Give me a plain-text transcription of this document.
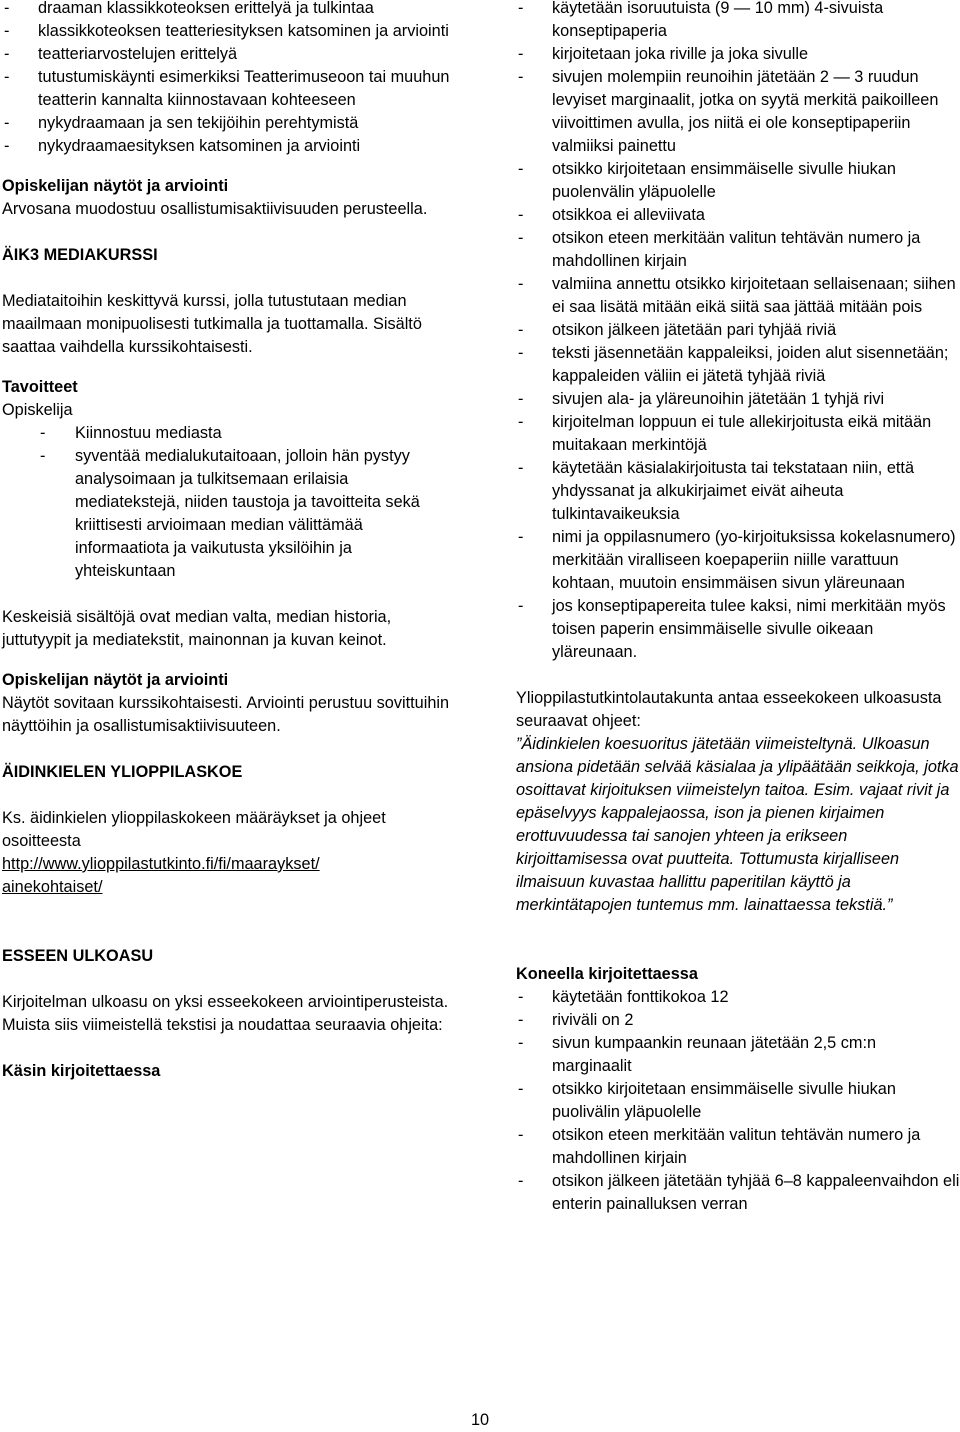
- draaman klassikkoteoksen erittelyä ja tulkintaa
- klassikkoteoksen teatteriesityksen katsominen ja arviointi
- teatteriarvostelujen erittelyä
- tutustumiskäynti esimerkiksi Teatterimuseoon tai muuhun teatterin kannalta kiinnostavaan kohteeseen
- nykydraamaan ja sen tekijöihin perehtymistä
- nykydraamaesityksen katsominen ja arviointi

Opiskelijan näytöt ja arviointi

Arvosana muodostuu osallistumisaktiivisuuden perusteella.

ÄIK3 MEDIAKURSSI

Mediataitoihin keskittyvä kurssi, jolla tutustutaan median maailmaan monipuolisesti tutkimalla ja tuottamalla. Sisältö saattaa vaihdella kurssikohtaisesti.

Tavoitteet

Opiskelija

- Kiinnostuu mediasta
- syventää medialukutaitoaan, jolloin hän pystyy analysoimaan ja tulkitsemaan erilaisia mediatekstejä, niiden taustoja ja tavoitteita sekä kriittisesti arvioimaan median välittämää informaatiota ja vaikutusta yksilöihin ja yhteiskuntaan

Keskeisiä sisältöjä ovat median valta, median historia, juttutyypit ja mediatekstit, mainonnan ja kuvan keinot.

Opiskelijan näytöt ja arviointi

Näytöt sovitaan kurssikohtaisesti. Arviointi perustuu sovittuihin näyttöihin ja osallistumisaktiivisuuteen.

ÄIDINKIELEN YLIOPPILASKOE

Ks. äidinkielen ylioppilaskokeen määräykset ja ohjeet osoitteesta

http://www.ylioppilastutkinto.fi/fi/maaraykset/

ainekohtaiset/

ESSEEN ULKOASU

Kirjoitelman ulkoasu on yksi esseekokeen arviointiperusteista. Muista siis viimeistellä tekstisi ja noudattaa seuraavia ohjeita:

Käsin kirjoitettaessa

- käytetään isoruutuista (9 — 10 mm) 4-sivuista konseptipaperia
- kirjoitetaan joka riville ja joka sivulle
- sivujen molempiin reunoihin jätetään 2 — 3 ruudun levyiset marginaalit, jotka on syytä merkitä paikoilleen viivoittimen avulla, jos niitä ei ole konseptipaperiin valmiiksi painettu
- otsikko kirjoitetaan ensimmäiselle sivulle hiukan puolenvälin yläpuolelle
- otsikkoa ei alleviivata
- otsikon eteen merkitään valitun tehtävän numero ja mahdollinen kirjain
- valmiina annettu otsikko kirjoitetaan sellaisenaan; siihen ei saa lisätä mitään eikä siitä saa jättää mitään pois
- otsikon jälkeen jätetään pari tyhjää riviä
- teksti jäsennetään kappaleiksi, joiden alut sisennetään; kappaleiden väliin ei jätetä tyhjää riviä
- sivujen ala- ja yläreunoihin jätetään 1 tyhjä rivi
- kirjoitelman loppuun ei tule allekirjoitusta eikä mitään muitakaan merkintöjä
- käytetään käsialakirjoitusta tai tekstataan niin, että yhdyssanat ja alkukirjaimet eivät aiheuta tulkintavaikeuksia
- nimi ja oppilasnumero (yo-kirjoituksissa kokelasnumero) merkitään viralliseen koepaperiin niille varattuun kohtaan, muutoin ensimmäisen sivun yläreunaan
- jos konseptipapereita tulee kaksi, nimi merkitään myös toisen paperin ensimmäiselle sivulle oikeaan yläreunaan.

Ylioppilastutkintolautakunta antaa esseekokeen ulkoasusta seuraavat ohjeet:

”Äidinkielen koesuoritus jätetään viimeisteltynä. Ulkoasun ansiona pidetään selvää käsialaa ja ylipäätään seikkoja, jotka osoittavat kirjoituksen viimeistelyn taitoa. Esim. vajaat rivit ja epäselvyys kappalejaossa, ison ja pienen kirjaimen erottuvuudessa tai sanojen yhteen ja erikseen kirjoittamisessa ovat puutteita. Tottumusta kirjalliseen ilmaisuun kuvastaa hallittu paperitilan käyttö ja merkintätapojen tuntemus mm. lainattaessa tekstiä.”

Koneella kirjoitettaessa

- käytetään fonttikokoa 12
- riviväli on 2
- sivun kumpaankin reunaan jätetään 2,5 cm:n marginaalit
- otsikko kirjoitetaan ensimmäiselle sivulle hiukan puolivälin yläpuolelle
- otsikon eteen merkitään valitun tehtävän numero ja mahdollinen kirjain
- otsikon jälkeen jätetään tyhjää 6–8 kappaleenvaihdon eli enterin painalluksen verran
10
